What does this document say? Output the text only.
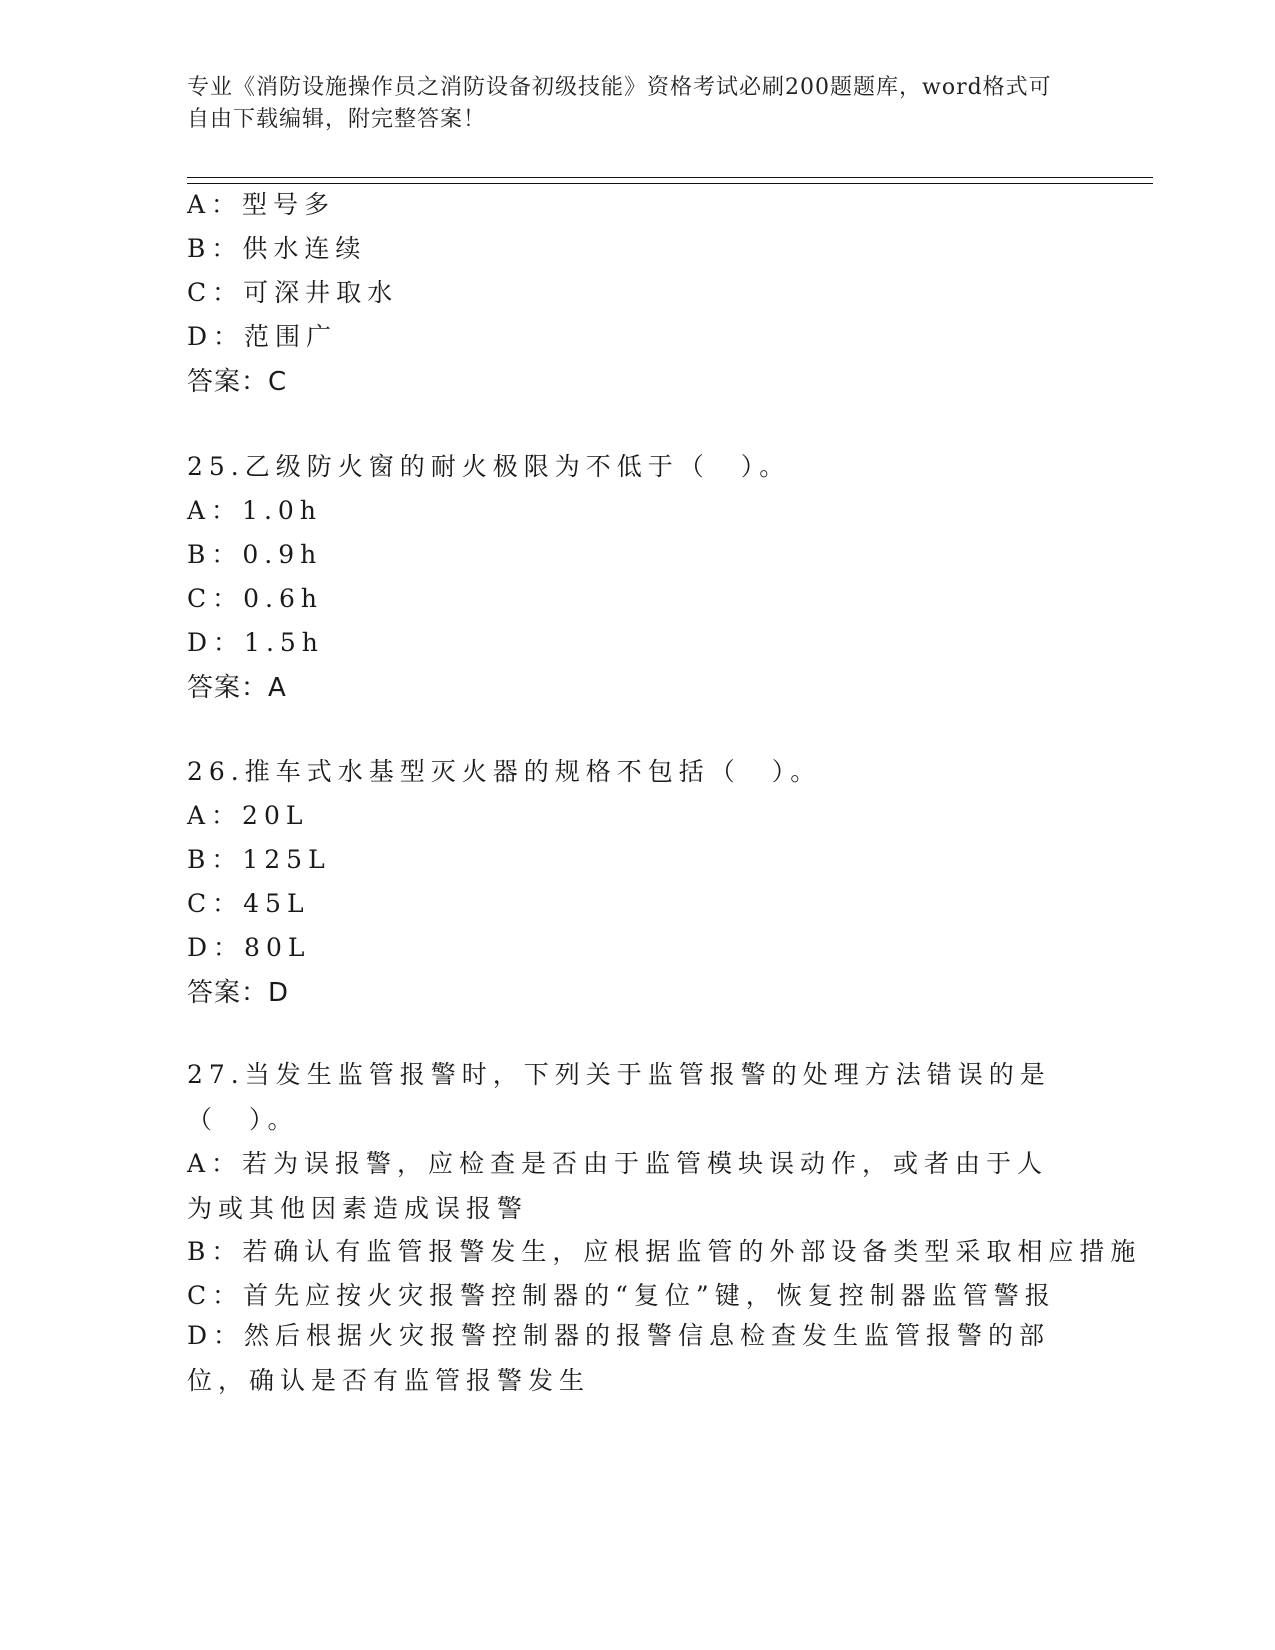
专业《消防设施操作员之消防设备初级技能》资格考试必刷200题题库，word格式可自由下载编辑，附完整答案！
A：型号多
B：供水连续
C：可深井取水
D：范围广
答案：C
25.乙级防火窗的耐火极限为不低于（　）。
A：1.0h
B：0.9h
C：0.6h
D：1.5h
答案：A
26.推车式水基型灭火器的规格不包括（　）。
A：20L
B：125L
C：45L
D：80L
答案：D
27.当发生监管报警时，下列关于监管报警的处理方法错误的是（　）。
A：若为误报警，应检查是否由于监管模块误动作，或者由于人为或其他因素造成误报警
B：若确认有监管报警发生，应根据监管的外部设备类型采取相应措施
C：首先应按火灾报警控制器的“复位”键，恢复控制器监管警报
D：然后根据火灾报警控制器的报警信息检查发生监管报警的部位，确认是否有监管报警发生
